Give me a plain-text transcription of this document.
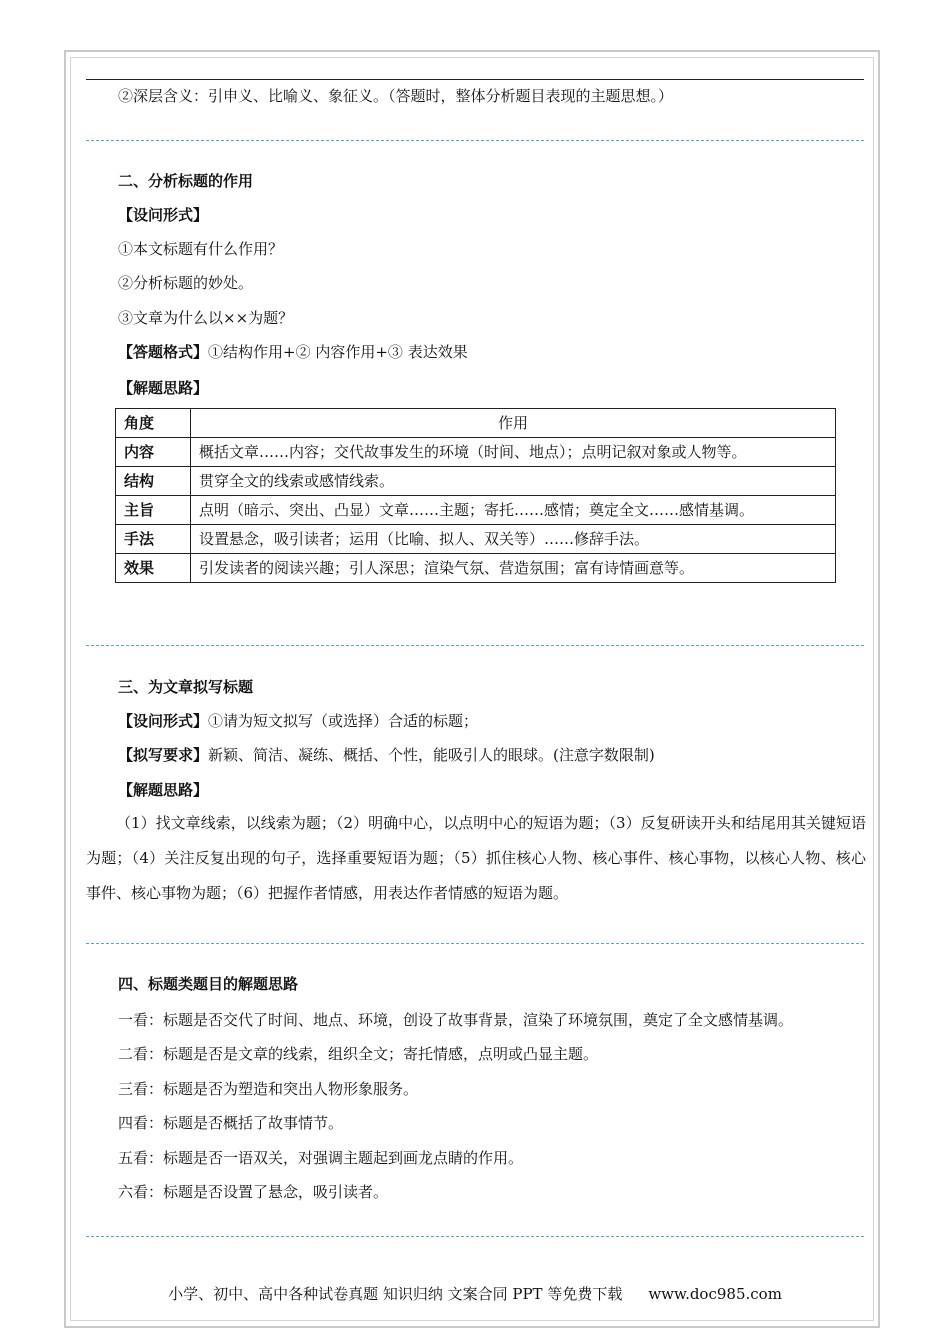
②深层含义：引申义、比喻义、象征义。（答题时，整体分析题目表现的主题思想。）
二、分析标题的作用
【设问形式】
①本文标题有什么作用？
②分析标题的妙处。
③文章为什么以××为题？
【答题格式】①结构作用+② 内容作用+③ 表达效果
【解题思路】
角度	作用
内容	概括文章……内容；交代故事发生的环境（时间、地点）；点明记叙对象或人物等。
结构	贯穿全文的线索或感情线索。
主旨	点明（暗示、突出、凸显）文章……主题；寄托……感情；奠定全文……感情基调。
手法	设置悬念，吸引读者；运用（比喻、拟人、双关等）……修辞手法。
效果	引发读者的阅读兴趣；引人深思；渲染气氛、营造氛围；富有诗情画意等。
三、为文章拟写标题
【设问形式】①请为短文拟写（或选择）合适的标题；
【拟写要求】新颖、简洁、凝练、概括、个性，能吸引人的眼球。(注意字数限制)
【解题思路】
（1）找文章线索，以线索为题；（2）明确中心，以点明中心的短语为题；（3）反复研读开头和结尾用其关键短语为题；（4）关注反复出现的句子，选择重要短语为题；（5）抓住核心人物、核心事件、核心事物，以核心人物、核心事件、核心事物为题；（6）把握作者情感，用表达作者情感的短语为题。
四、标题类题目的解题思路
一看：标题是否交代了时间、地点、环境，创设了故事背景，渲染了环境氛围，奠定了全文感情基调。
二看：标题是否是文章的线索，组织全文；寄托情感，点明或凸显主题。
三看：标题是否为塑造和突出人物形象服务。
四看：标题是否概括了故事情节。
五看：标题是否一语双关，对强调主题起到画龙点睛的作用。
六看：标题是否设置了悬念，吸引读者。
小学、初中、高中各种试卷真题 知识归纳 文案合同 PPT 等免费下载 www.doc985.com
